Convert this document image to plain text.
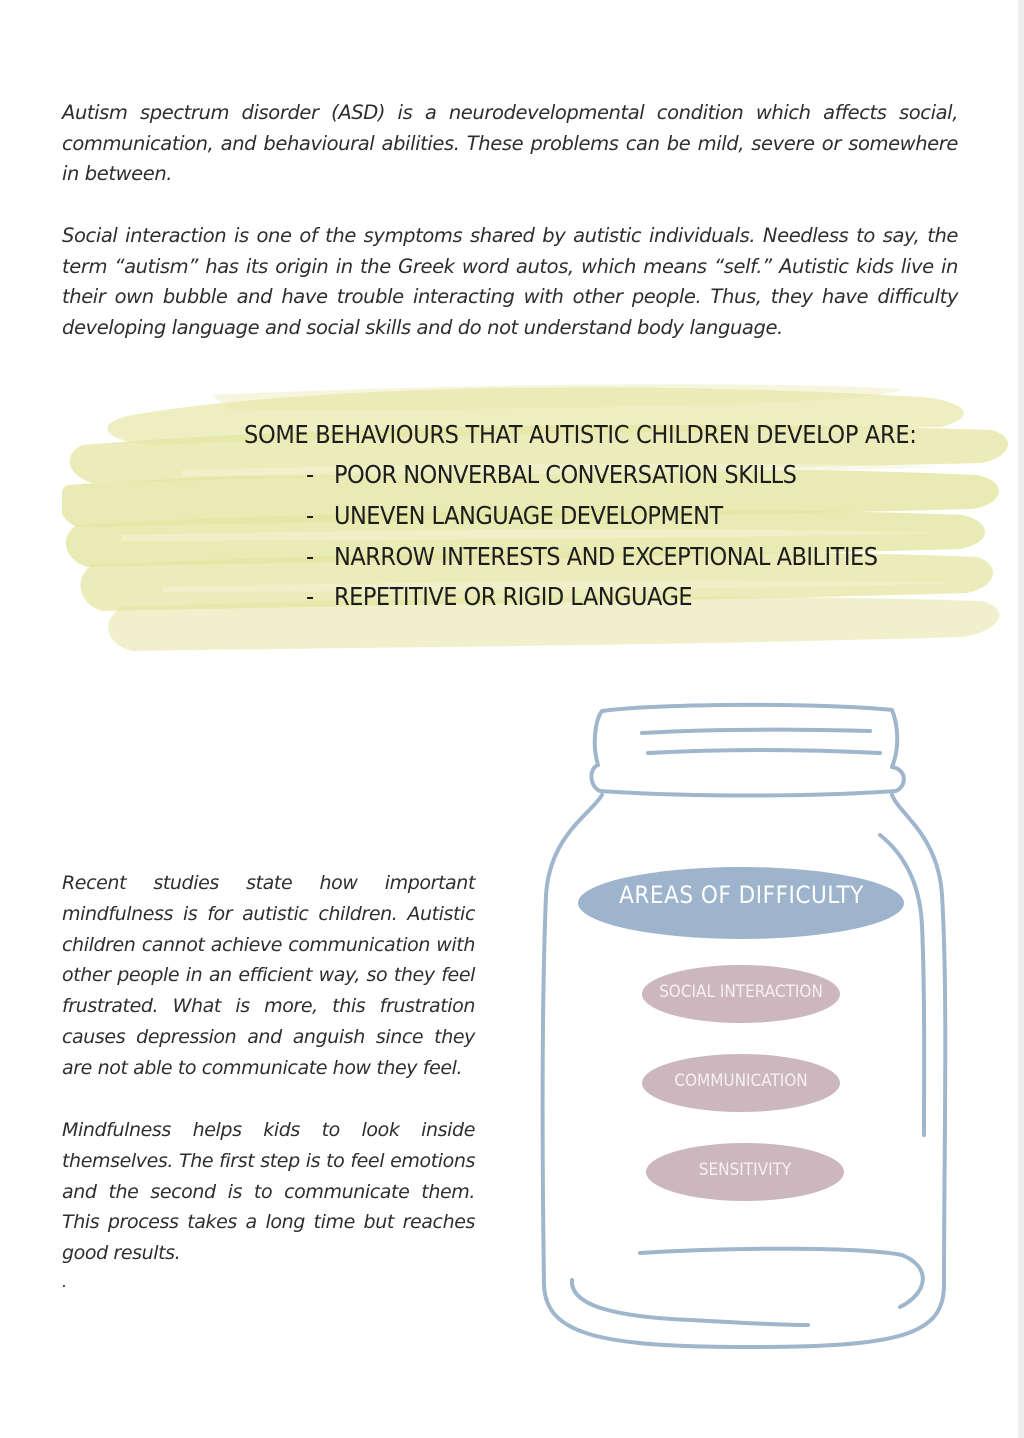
Autism spectrum disorder (ASD) is a neurodevelopmental condition which affects social, communication, and behavioural abilities. These problems can be mild, severe or somewhere in between.

Social interaction is one of the symptoms shared by autistic individuals. Needless to say, the term “autism” has its origin in the Greek word autos, which means “self.” Autistic kids live in their own bubble and have trouble interacting with other people. Thus, they have difficulty developing language and social skills and do not understand body language.

SOME BEHAVIOURS THAT AUTISTIC CHILDREN DEVELOP ARE:
- POOR NONVERBAL CONVERSATION SKILLS
- UNEVEN LANGUAGE DEVELOPMENT
- NARROW INTERESTS AND EXCEPTIONAL ABILITIES
- REPETITIVE OR RIGID LANGUAGE

Recent studies state how important mindfulness is for autistic children. Autistic children cannot achieve communication with other people in an efficient way, so they feel frustrated. What is more, this frustration causes depression and anguish since they are not able to communicate how they feel.

Mindfulness helps kids to look inside themselves. The first step is to feel emotions and the second is to communicate them. This process takes a long time but reaches good results.

.

AREAS OF DIFFICULTY
SOCIAL INTERACTION
COMMUNICATION
SENSITIVITY
